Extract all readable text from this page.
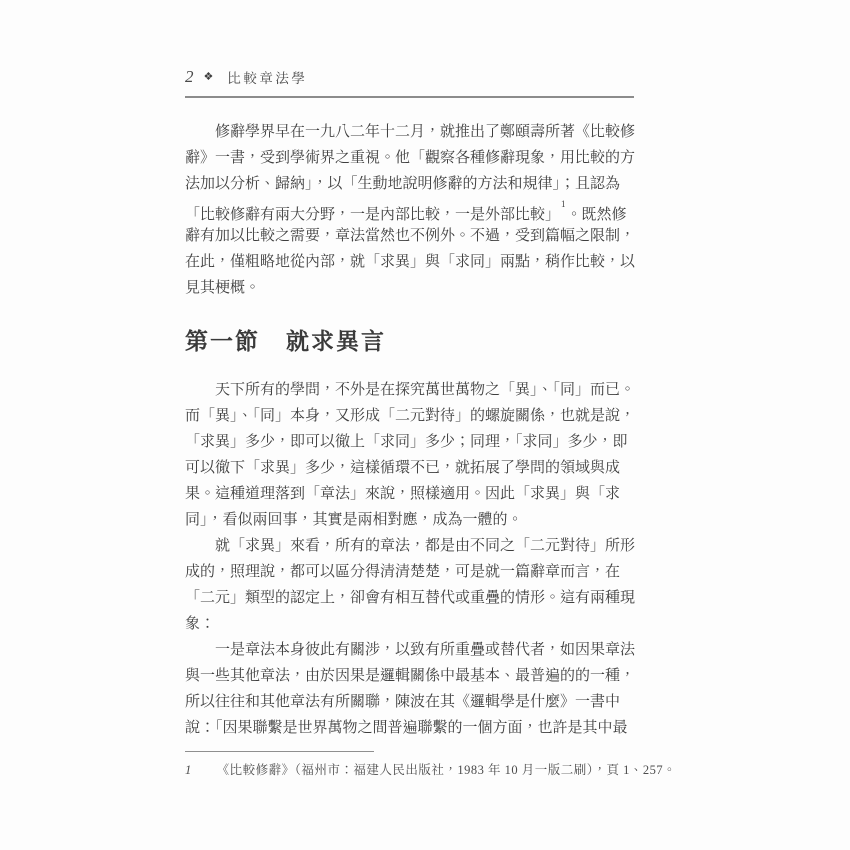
2 ❖ 比較章法學
修辭學界早在一九八二年十二月，就推出了鄭頤壽所著《比較修
辭》一書，受到學術界之重視。他「觀察各種修辭現象，用比較的方
法加以分析、歸納」，以「生動地說明修辭的方法和規律」；且認為
「比較修辭有兩大分野，一是內部比較，一是外部比較」$^1$。既然修
辭有加以比較之需要，章法當然也不例外。不過，受到篇幅之限制，
在此，僅粗略地從內部，就「求異」與「求同」兩點，稍作比較，以
見其梗概。
第一節 就求異言
天下所有的學問，不外是在探究萬世萬物之「異」、「同」而已。
而「異」、「同」本身，又形成「二元對待」的螺旋關係，也就是說，
「求異」多少，即可以徹上「求同」多少；同理，「求同」多少，即
可以徹下「求異」多少，這樣循環不已，就拓展了學問的領域與成
果。這種道理落到「章法」來說，照樣適用。因此「求異」與「求
同」，看似兩回事，其實是兩相對應，成為一體的。
就「求異」來看，所有的章法，都是由不同之「二元對待」所形
成的，照理說，都可以區分得清清楚楚，可是就一篇辭章而言，在
「二元」類型的認定上，卻會有相互替代或重疊的情形。這有兩種現
象：
一是章法本身彼此有關涉，以致有所重疊或替代者，如因果章法
與一些其他章法，由於因果是邏輯關係中最基本、最普遍的的一種，
所以往往和其他章法有所關聯，陳波在其《邏輯學是什麼》一書中
說：「因果聯繫是世界萬物之間普遍聯繫的一個方面，也許是其中最
1 《比較修辭》（福州市：福建人民出版社，1983 年 10 月一版二刷），頁 1、257。
